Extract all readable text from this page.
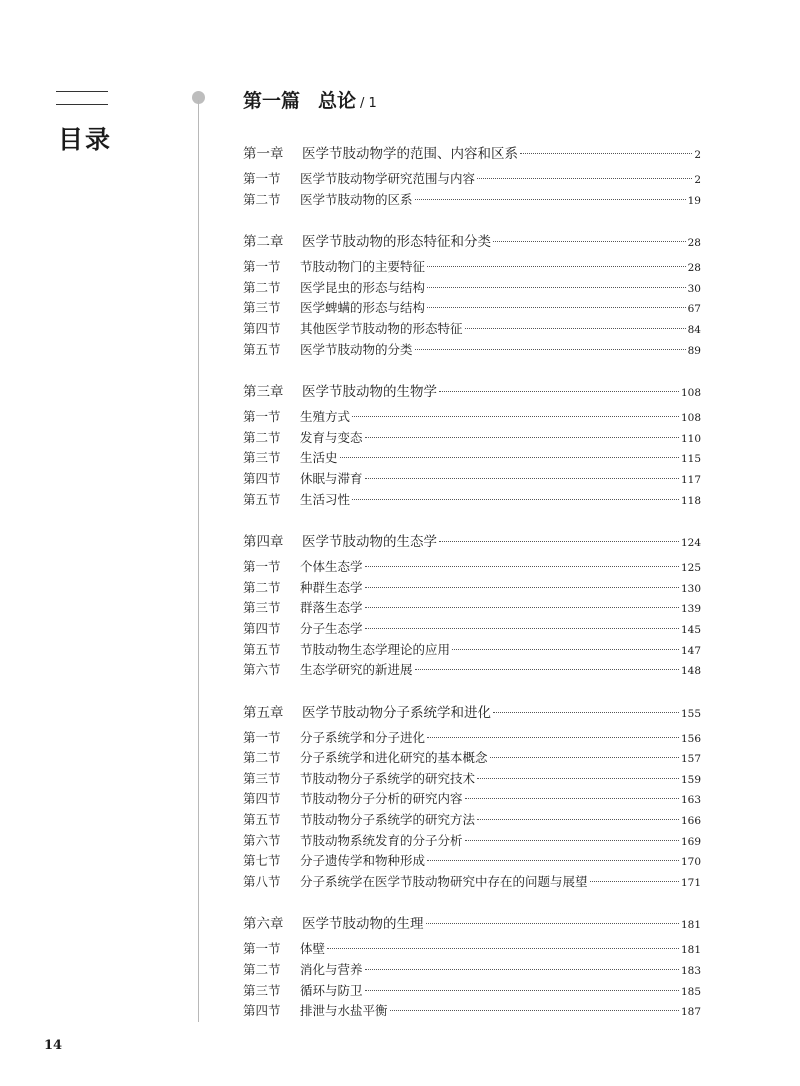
目录
14
第一篇 总论 / 1
第一章	医学节肢动物学的范围、内容和区系	2
第一节	医学节肢动物学研究范围与内容	2
第二节	医学节肢动物的区系	19
第二章	医学节肢动物的形态特征和分类	28
第一节	节肢动物门的主要特征	28
第二节	医学昆虫的形态与结构	30
第三节	医学蜱螨的形态与结构	67
第四节	其他医学节肢动物的形态特征	84
第五节	医学节肢动物的分类	89
第三章	医学节肢动物的生物学	108
第一节	生殖方式	108
第二节	发育与变态	110
第三节	生活史	115
第四节	休眠与滞育	117
第五节	生活习性	118
第四章	医学节肢动物的生态学	124
第一节	个体生态学	125
第二节	种群生态学	130
第三节	群落生态学	139
第四节	分子生态学	145
第五节	节肢动物生态学理论的应用	147
第六节	生态学研究的新进展	148
第五章	医学节肢动物分子系统学和进化	155
第一节	分子系统学和分子进化	156
第二节	分子系统学和进化研究的基本概念	157
第三节	节肢动物分子系统学的研究技术	159
第四节	节肢动物分子分析的研究内容	163
第五节	节肢动物分子系统学的研究方法	166
第六节	节肢动物系统发育的分子分析	169
第七节	分子遗传学和物种形成	170
第八节	分子系统学在医学节肢动物研究中存在的问题与展望	171
第六章	医学节肢动物的生理	181
第一节	体壁	181
第二节	消化与营养	183
第三节	循环与防卫	185
第四节	排泄与水盐平衡	187
